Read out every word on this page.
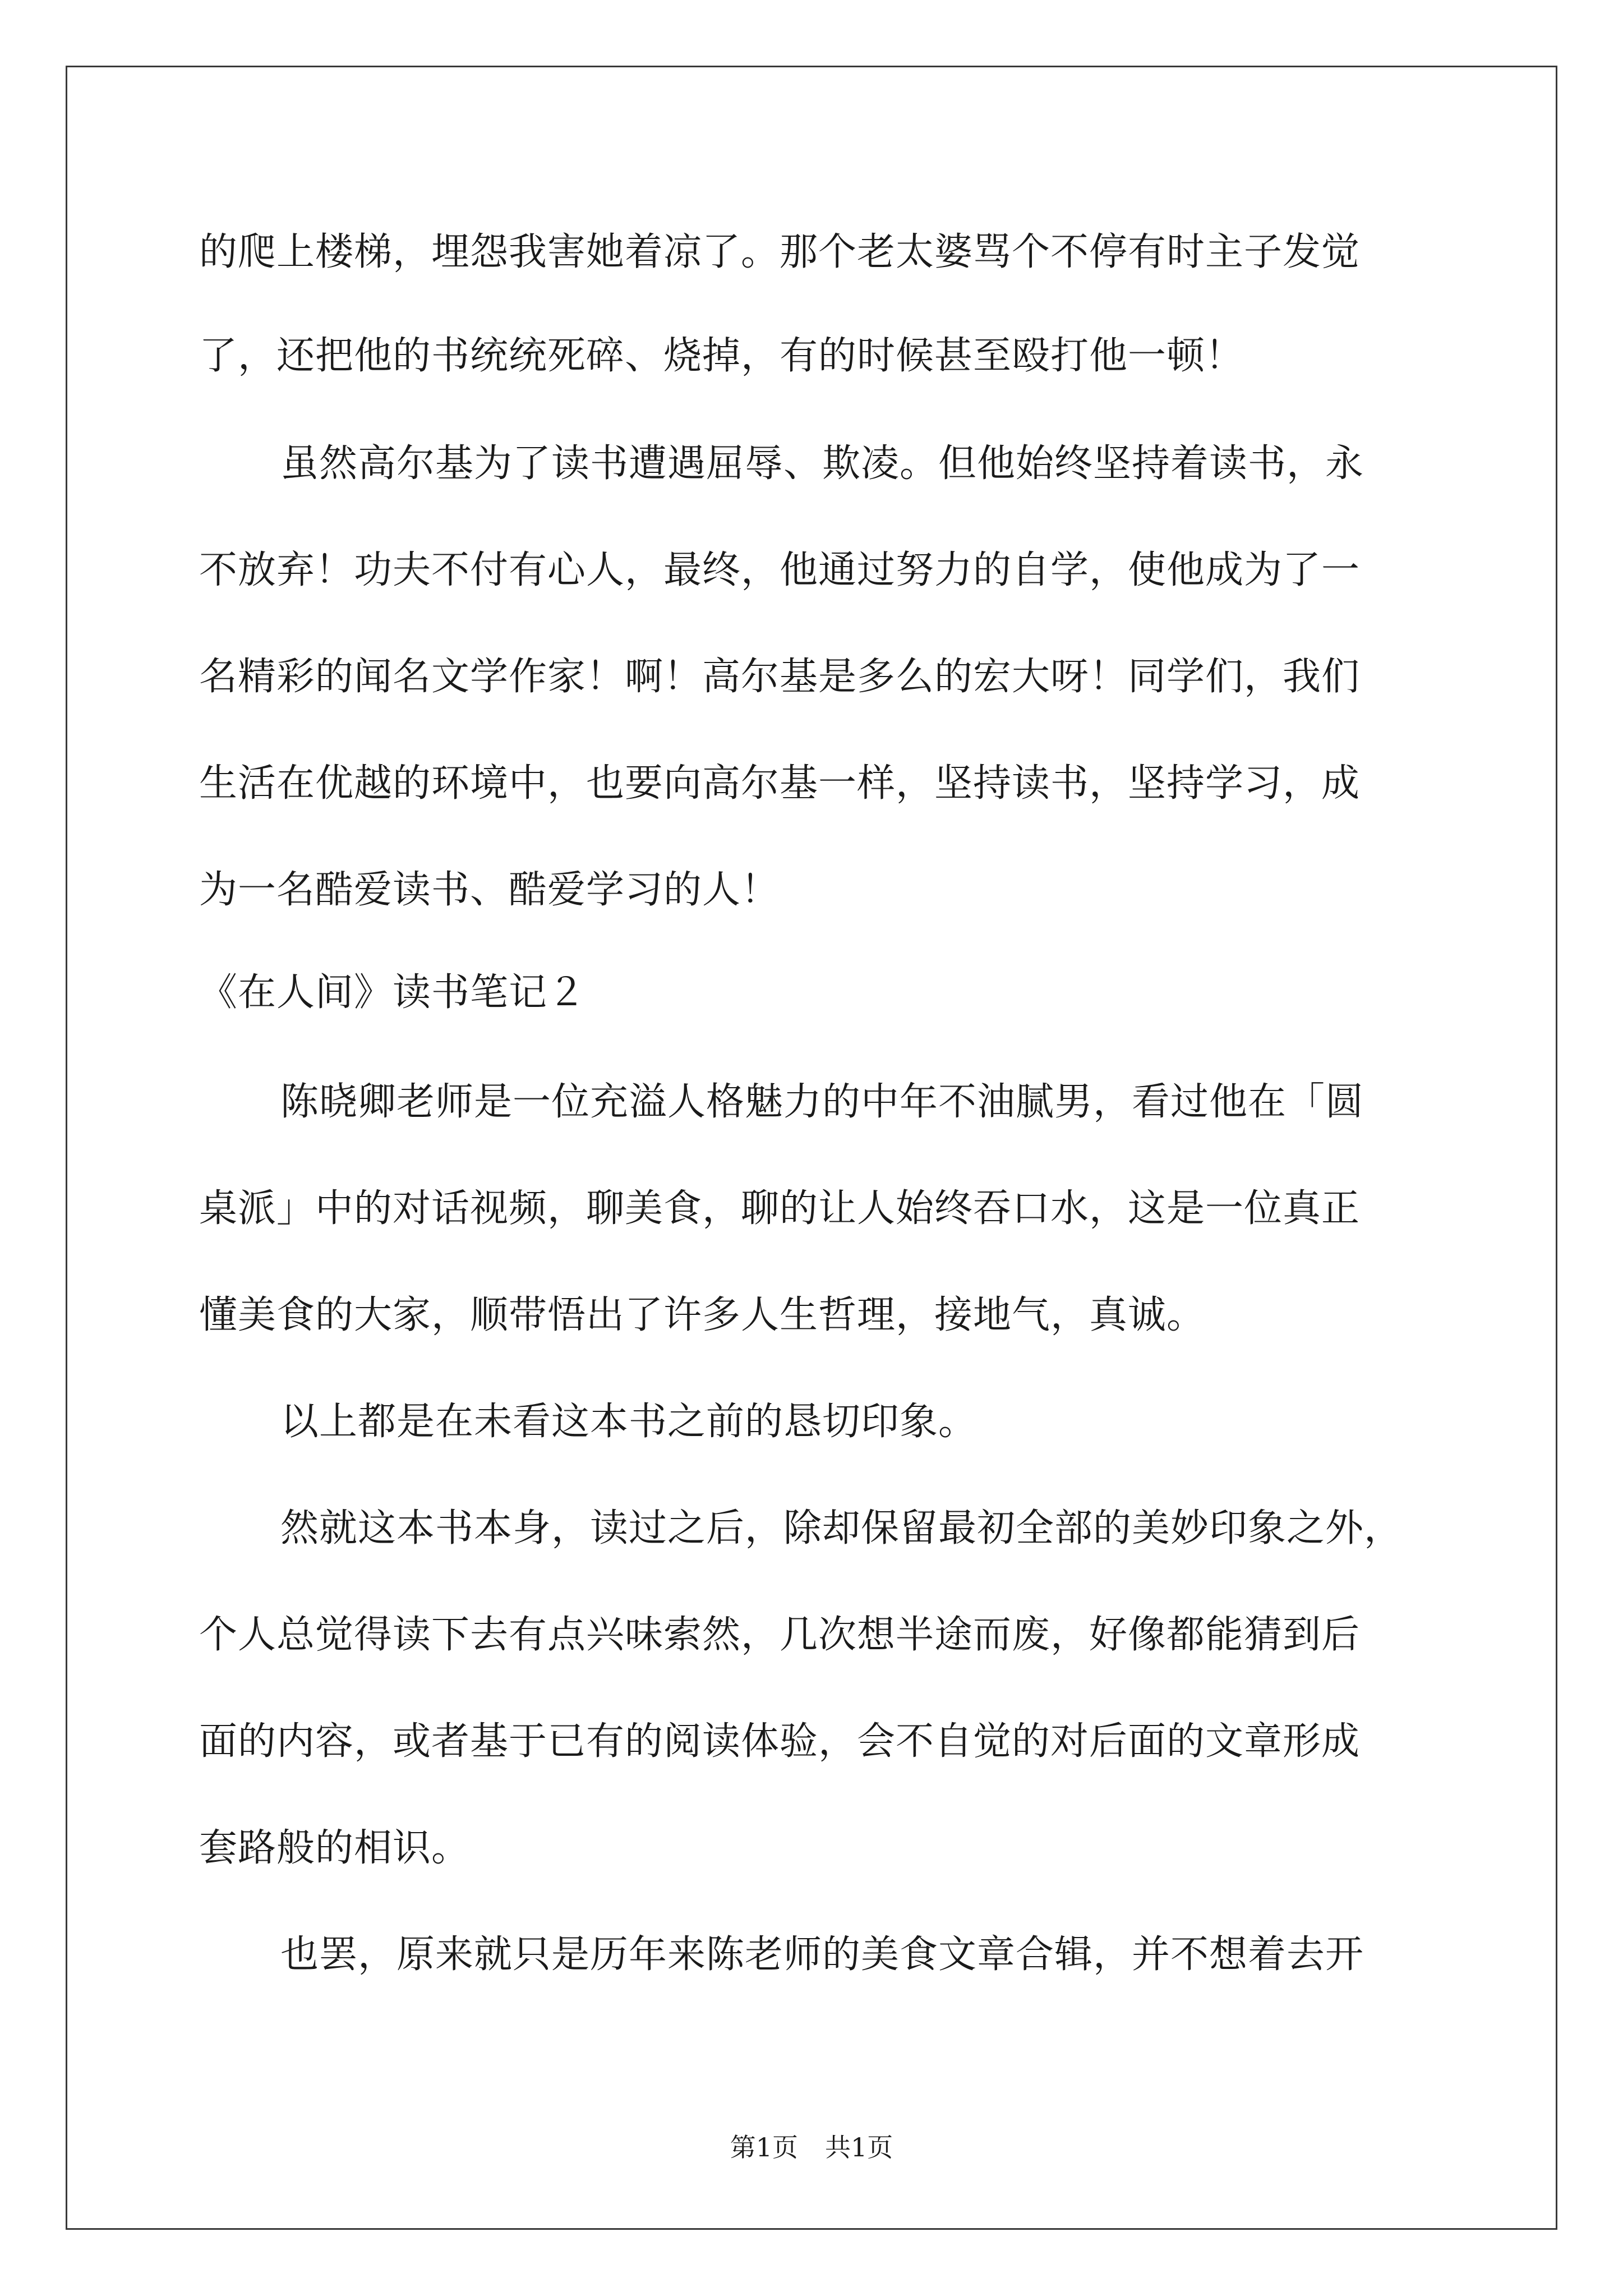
的爬上楼梯，埋怨我害她着凉了。那个老太婆骂个不停有时主子发觉
了，还把他的书统统死碎、烧掉，有的时候甚至殴打他一顿！
虽然高尔基为了读书遭遇屈辱、欺凌。但他始终坚持着读书，永
不放弃！功夫不付有心人，最终，他通过努力的自学，使他成为了一
名精彩的闻名文学作家！啊！高尔基是多么的宏大呀！同学们，我们
生活在优越的环境中，也要向高尔基一样，坚持读书，坚持学习，成
为一名酷爱读书、酷爱学习的人！
《在人间》读书笔记２
陈晓卿老师是一位充溢人格魅力的中年不油腻男，看过他在「圆
桌派」中的对话视频，聊美食，聊的让人始终吞口水，这是一位真正
懂美食的大家，顺带悟出了许多人生哲理，接地气，真诚。
以上都是在未看这本书之前的恳切印象。
然就这本书本身，读过之后，除却保留最初全部的美妙印象之外，
个人总觉得读下去有点兴味索然，几次想半途而废，好像都能猜到后
面的内容，或者基于已有的阅读体验，会不自觉的对后面的文章形成
套路般的相识。
也罢，原来就只是历年来陈老师的美食文章合辑，并不想着去开
第1页 共1页
